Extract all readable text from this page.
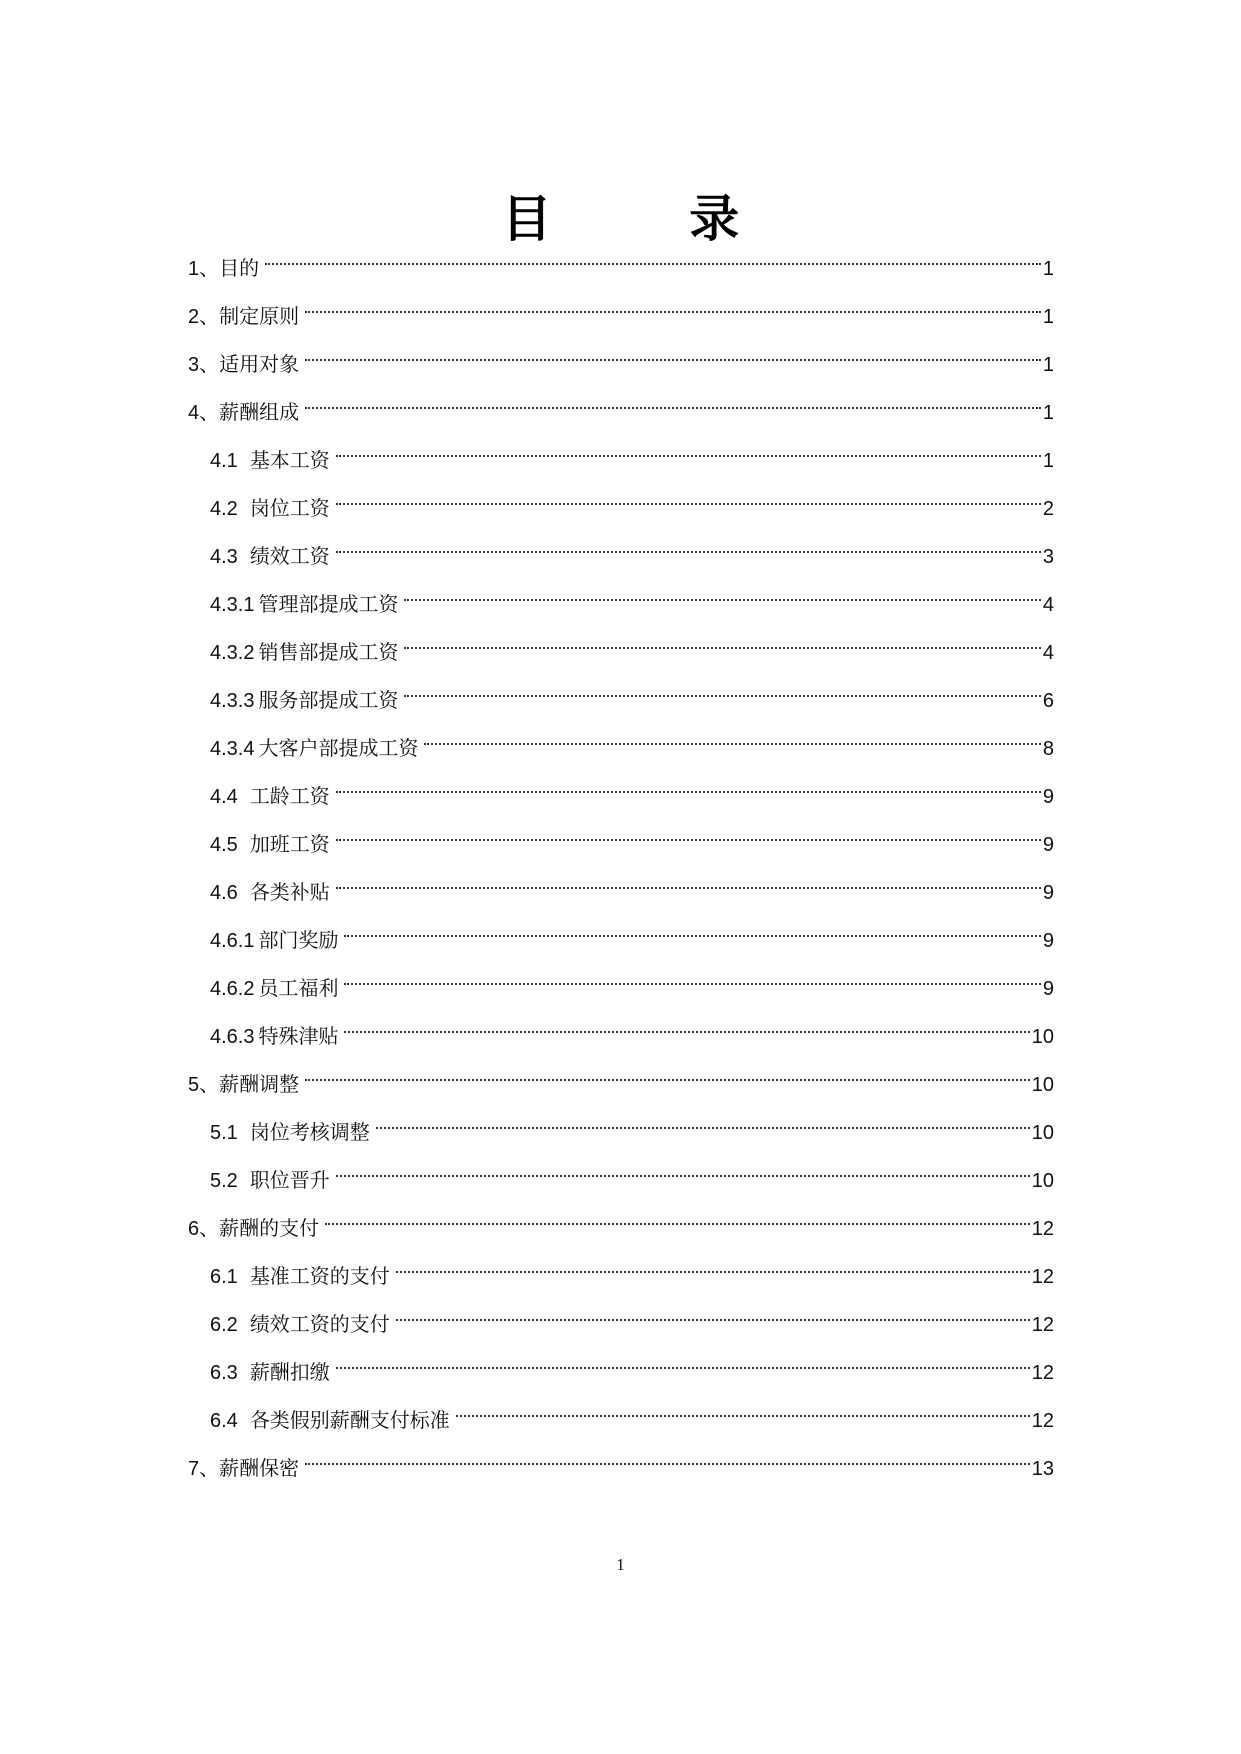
目 录
1、 目的	1
2、 制定原则	1
3、 适用对象	1
4、 薪酬组成	1
4.1 基本工资	1
4.2 岗位工资	2
4.3 绩效工资	3
4.3.1 管理部提成工资	4
4.3.2 销售部提成工资	4
4.3.3 服务部提成工资	6
4.3.4 大客户部提成工资	8
4.4 工龄工资	9
4.5 加班工资	9
4.6 各类补贴	9
4.6.1 部门奖励	9
4.6.2 员工福利	9
4.6.3 特殊津贴	10
5、 薪酬调整	10
5.1 岗位考核调整	10
5.2 职位晋升	10
6、 薪酬的支付	12
6.1 基准工资的支付	12
6.2 绩效工资的支付	12
6.3 薪酬扣缴	12
6.4 各类假别薪酬支付标准	12
7、 薪酬保密	13
1
